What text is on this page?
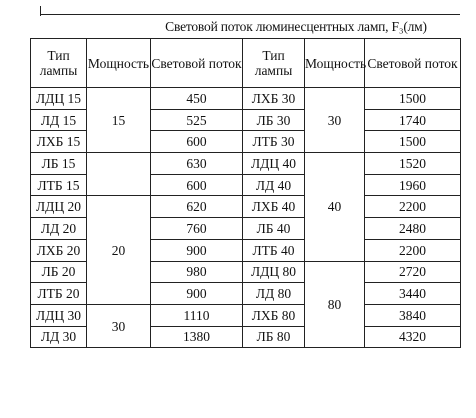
Световой поток люминесцентных ламп, F₃(лм)
Тип лампы	Мощность	Световой поток	Тип лампы	Мощность	Световой поток
ЛДЦ 15	15	450	ЛХБ 30	30	1500
ЛД 15		525	ЛБ 30		1740
ЛХБ 15		600	ЛТБ 30		1500
ЛБ 15		630	ЛДЦ 40	40	1520
ЛТБ 15		600	ЛД 40		1960
ЛДЦ 20	20	620	ЛХБ 40		2200
ЛД 20		760	ЛБ 40		2480
ЛХБ 20		900	ЛТБ 40		2200
ЛБ 20		980	ЛДЦ 80	80	2720
ЛТБ 20		900	ЛД 80		3440
ЛДЦ 30	30	1110	ЛХБ 80		3840
ЛД 30		1380	ЛБ 80		4320
